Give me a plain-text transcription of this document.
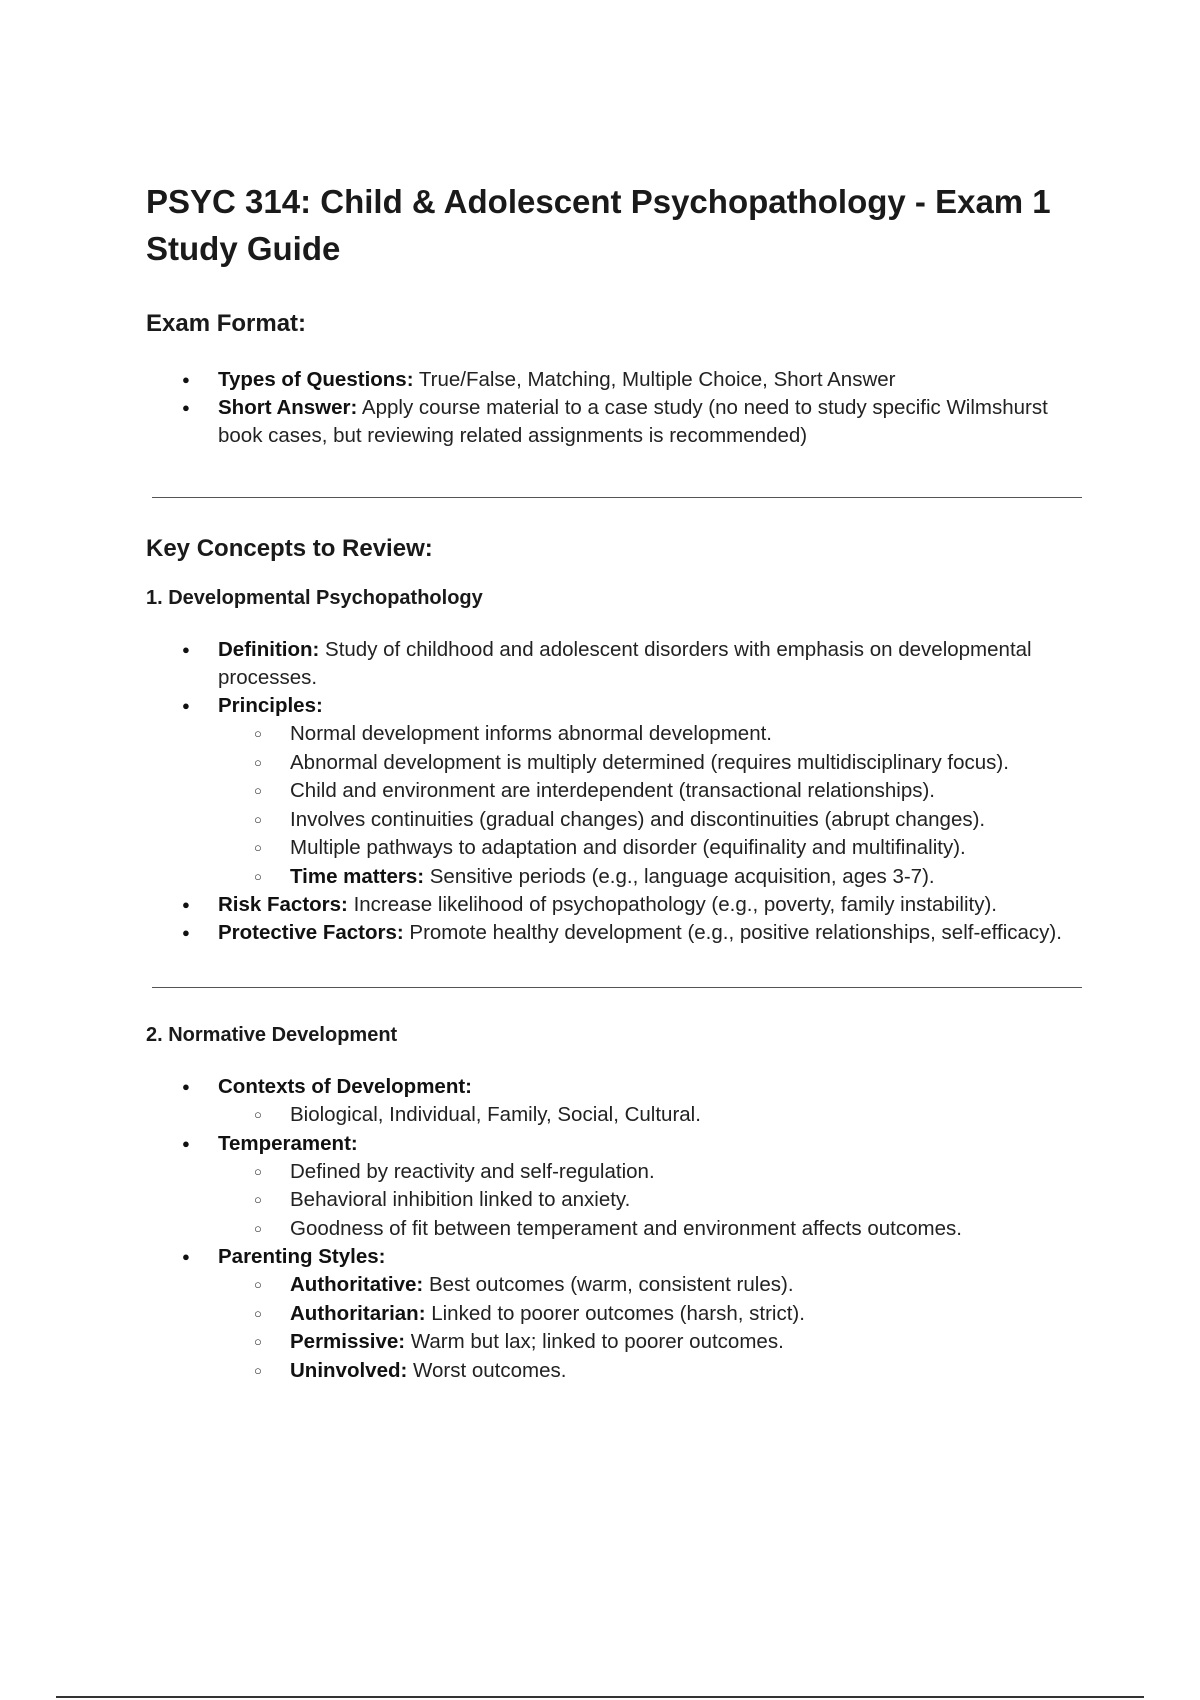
PSYC 314: Child & Adolescent Psychopathology - Exam 1 Study Guide
Exam Format:
● Types of Questions: True/False, Matching, Multiple Choice, Short Answer
● Short Answer: Apply course material to a case study (no need to study specific Wilmshurst book cases, but reviewing related assignments is recommended)
Key Concepts to Review:
1. Developmental Psychopathology
● Definition: Study of childhood and adolescent disorders with emphasis on developmental processes.
● Principles:
○ Normal development informs abnormal development.
○ Abnormal development is multiply determined (requires multidisciplinary focus).
○ Child and environment are interdependent (transactional relationships).
○ Involves continuities (gradual changes) and discontinuities (abrupt changes).
○ Multiple pathways to adaptation and disorder (equifinality and multifinality).
○ Time matters: Sensitive periods (e.g., language acquisition, ages 3-7).
● Risk Factors: Increase likelihood of psychopathology (e.g., poverty, family instability).
● Protective Factors: Promote healthy development (e.g., positive relationships, self-efficacy).
2. Normative Development
● Contexts of Development:
○ Biological, Individual, Family, Social, Cultural.
● Temperament:
○ Defined by reactivity and self-regulation.
○ Behavioral inhibition linked to anxiety.
○ Goodness of fit between temperament and environment affects outcomes.
● Parenting Styles:
○ Authoritative: Best outcomes (warm, consistent rules).
○ Authoritarian: Linked to poorer outcomes (harsh, strict).
○ Permissive: Warm but lax; linked to poorer outcomes.
○ Uninvolved: Worst outcomes.
